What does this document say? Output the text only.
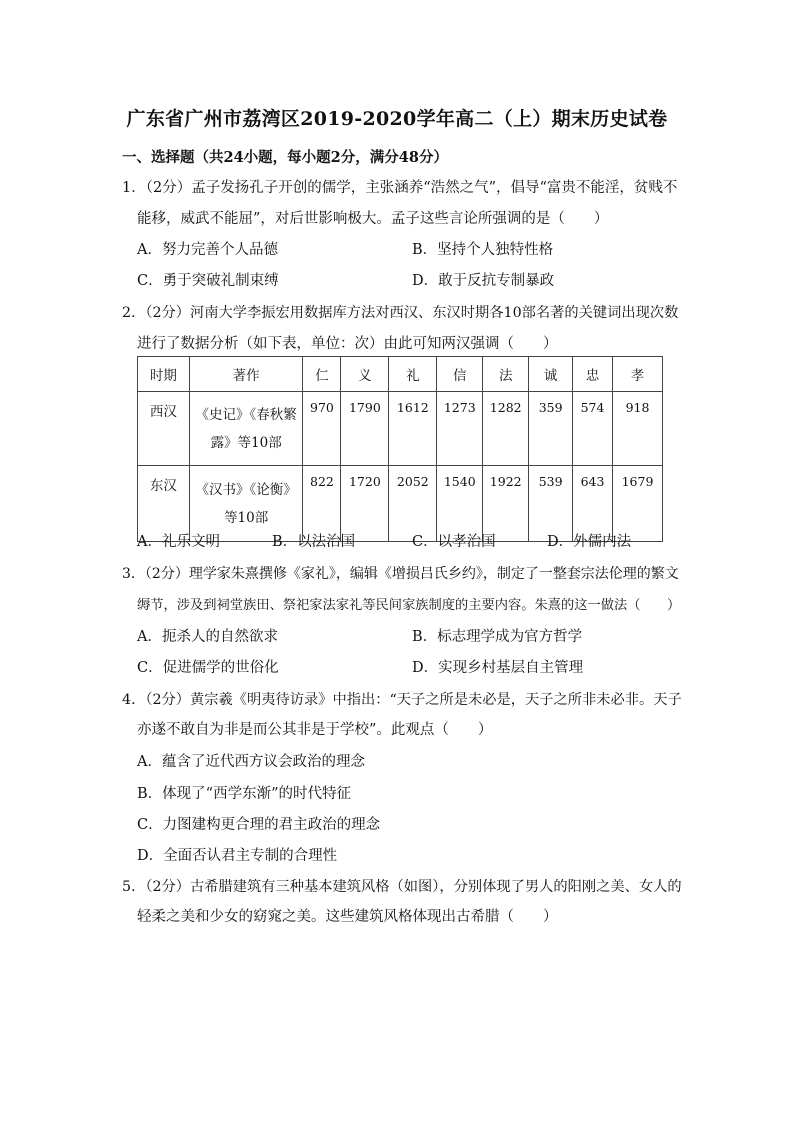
广东省广州市荔湾区2019-2020学年高二（上）期末历史试卷
一、选择题（共24小题，每小题2分，满分48分）
1．（2分）孟子发扬孔子开创的儒学，主张涵养“浩然之气”，倡导“富贵不能淫，贫贱不
能移，威武不能屈”，对后世影响极大。孟子这些言论所强调的是（　　）
A．努力完善个人品德	B．坚持个人独特性格
C．勇于突破礼制束缚	D．敢于反抗专制暴政
2．（2分）河南大学李振宏用数据库方法对西汉、东汉时期各10部名著的关键词出现次数
进行了数据分析（如下表，单位：次）由此可知两汉强调（　　）
时期	著作	仁	义	礼	信	法	诚	忠	孝
西汉	《史记》《春秋繁
露》等10部	970	1790	1612	1273	1282	359	574	918
东汉	《汉书》《论衡》
等10部	822	1720	2052	1540	1922	539	643	1679
A．礼乐文明	B．以法治国	C．以孝治国	D．外儒内法
3．（2分）理学家朱熹撰修《家礼》，编辑《增损吕氏乡约》，制定了一整套宗法伦理的繁文
缛节，涉及到祠堂族田、祭祀家法家礼等民间家族制度的主要内容。朱熹的这一做法（　　）
A．扼杀人的自然欲求	B．标志理学成为官方哲学
C．促进儒学的世俗化	D．实现乡村基层自主管理
4．（2分）黄宗羲《明夷待访录》中指出：“天子之所是未必是，天子之所非未必非。天子
亦遂不敢自为非是而公其非是于学校”。此观点（　　）
A．蕴含了近代西方议会政治的理念
B．体现了“西学东渐”的时代特征
C．力图建构更合理的君主政治的理念
D．全面否认君主专制的合理性
5．（2分）古希腊建筑有三种基本建筑风格（如图），分别体现了男人的阳刚之美、女人的
轻柔之美和少女的窈窕之美。这些建筑风格体现出古希腊（　　）
